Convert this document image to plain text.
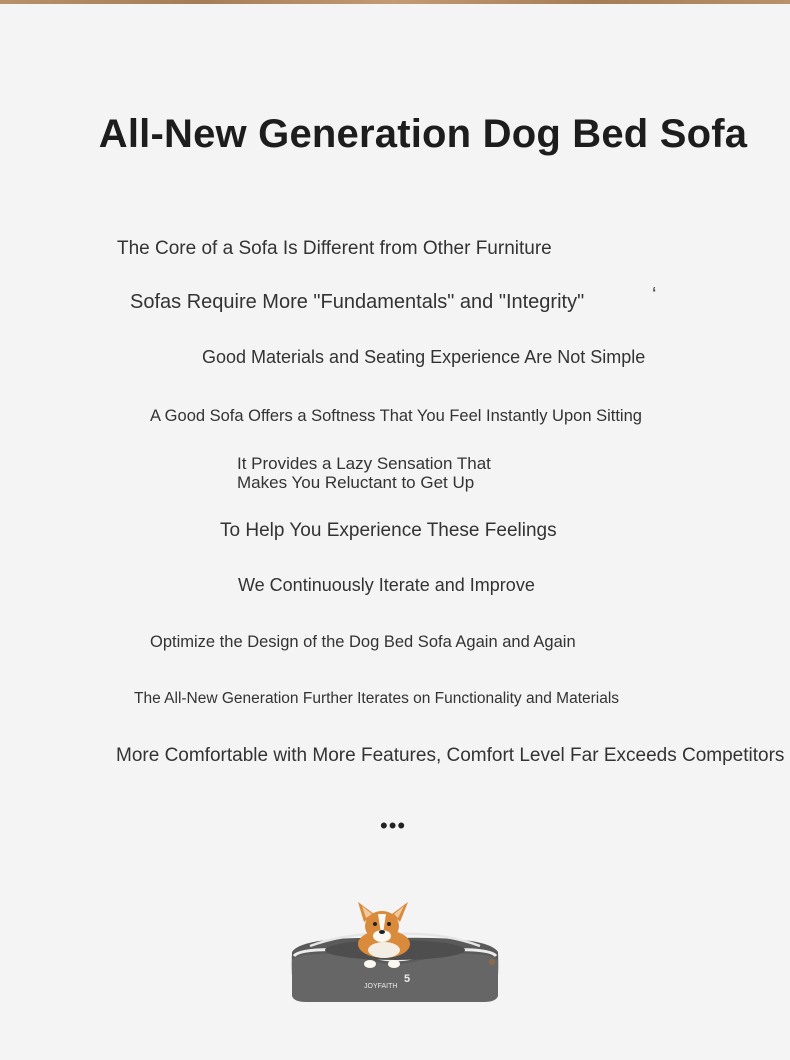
All-New Generation Dog Bed Sofa
The Core of a Sofa Is Different from Other Furniture
Sofas Require More "Fundamentals" and "Integrity"	‘
Good Materials and Seating Experience Are Not Simple
A Good Sofa Offers a Softness That You Feel Instantly Upon Sitting
It Provides a Lazy Sensation That Makes You Reluctant to Get Up
To Help You Experience These Feelings
We Continuously Iterate and Improve
Optimize the Design of the Dog Bed Sofa Again and Again
The All-New Generation Further Iterates on Functionality and Materials
More Comfortable with More Features, Comfort Level Far Exceeds Competitors
•••
JOYFAITH
5
